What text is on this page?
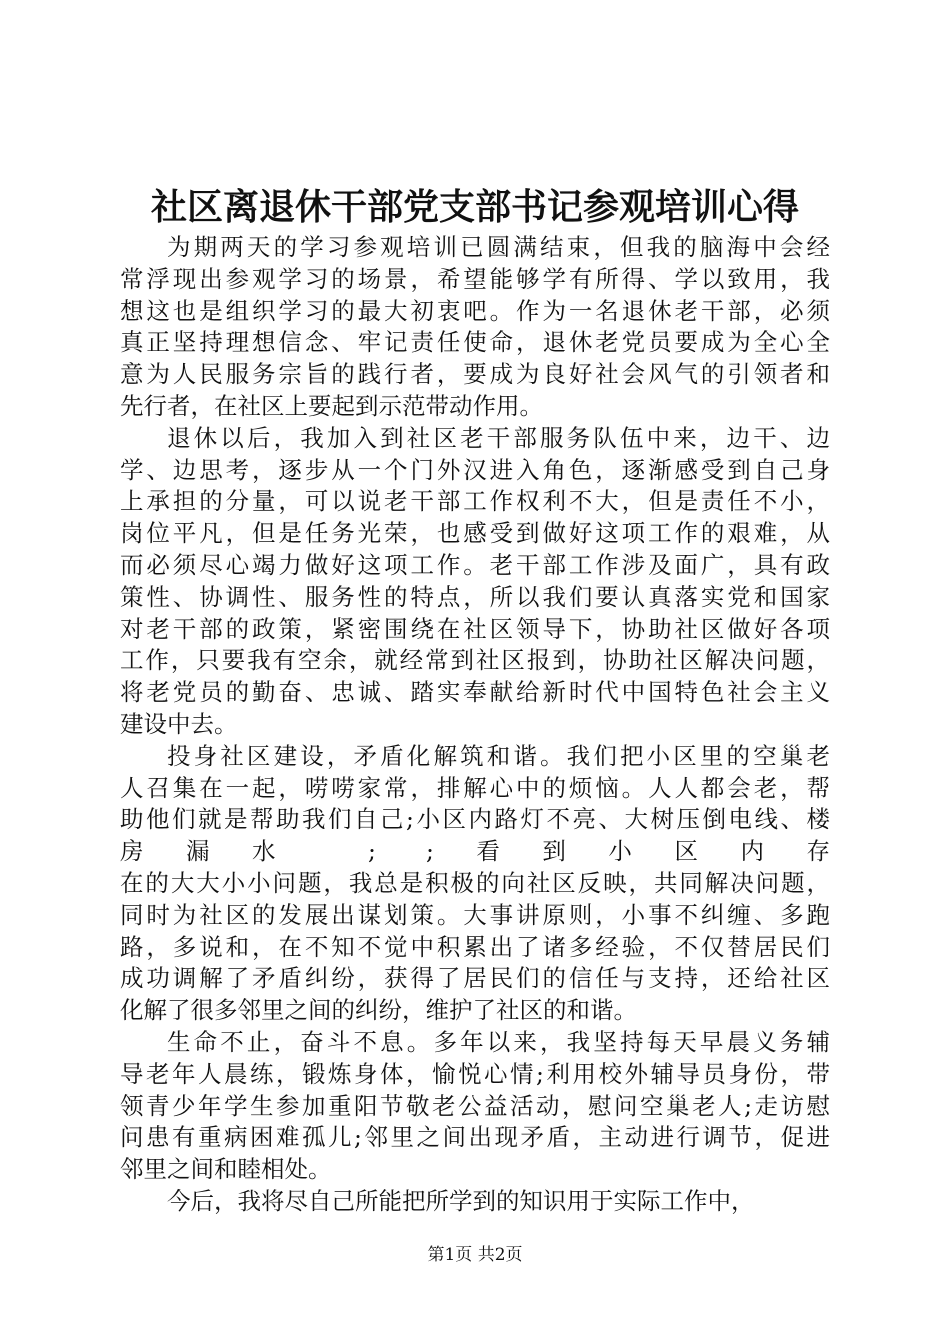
社区离退休干部党支部书记参观培训心得
为期两天的学习参观培训已圆满结束，但我的脑海中会经
常浮现出参观学习的场景，希望能够学有所得、学以致用，我
想这也是组织学习的最大初衷吧。作为一名退休老干部，必须
真正坚持理想信念、牢记责任使命，退休老党员要成为全心全
意为人民服务宗旨的践行者，要成为良好社会风气的引领者和
先行者，在社区上要起到示范带动作用。
退休以后，我加入到社区老干部服务队伍中来，边干、边
学、边思考，逐步从一个门外汉进入角色，逐渐感受到自己身
上承担的分量，可以说老干部工作权利不大，但是责任不小，
岗位平凡，但是任务光荣，也感受到做好这项工作的艰难，从
而必须尽心竭力做好这项工作。老干部工作涉及面广，具有政
策性、协调性、服务性的特点，所以我们要认真落实党和国家
对老干部的政策，紧密围绕在社区领导下，协助社区做好各项
工作，只要我有空余，就经常到社区报到，协助社区解决问题，
将老党员的勤奋、忠诚、踏实奉献给新时代中国特色社会主义
建设中去。
投身社区建设，矛盾化解筑和谐。我们把小区里的空巢老
人召集在一起，唠唠家常，排解心中的烦恼。人人都会老，帮
助他们就是帮助我们自己;小区内路灯不亮、大树压倒电线、楼
房漏水 ; ;看到小区内存
在的大大小小问题，我总是积极的向社区反映，共同解决问题，
同时为社区的发展出谋划策。大事讲原则，小事不纠缠、多跑
路，多说和，在不知不觉中积累出了诸多经验，不仅替居民们
成功调解了矛盾纠纷，获得了居民们的信任与支持，还给社区
化解了很多邻里之间的纠纷，维护了社区的和谐。
生命不止，奋斗不息。多年以来，我坚持每天早晨义务辅
导老年人晨练，锻炼身体，愉悦心情;利用校外辅导员身份，带
领青少年学生参加重阳节敬老公益活动，慰问空巢老人;走访慰
问患有重病困难孤儿;邻里之间出现矛盾，主动进行调节，促进
邻里之间和睦相处。
今后，我将尽自己所能把所学到的知识用于实际工作中，
第1页 共2页
